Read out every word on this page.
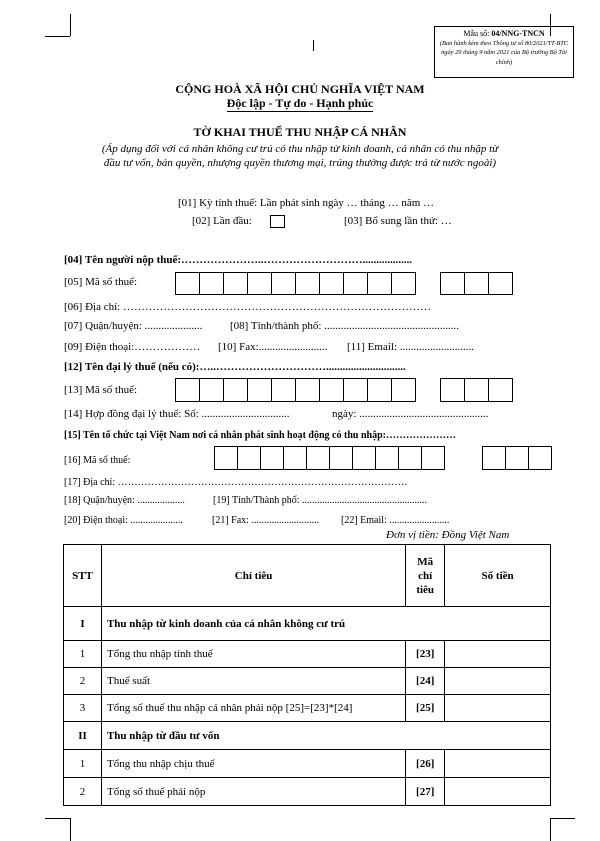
Mẫu số: 04/NNG-TNCN
(Ban hành kèm theo Thông tư số 80/2021/TT-BTC ngày 29 tháng 9 năm 2021 của Bộ trưởng Bộ Tài chính)
CỘNG HOÀ XÃ HỘI CHỦ NGHĨA VIỆT NAM
Độc lập - Tự do - Hạnh phúc
TỜ KHAI THUẾ THU NHẬP CÁ NHÂN
(Áp dụng đối với cá nhân không cư trú có thu nhập từ kinh doanh, cá nhân có thu nhập từ
đầu tư vốn, bản quyền, nhượng quyền thương mại, trúng thưởng được trả từ nước ngoài)
[01] Kỳ tính thuế: Lần phát sinh ngày … tháng … năm …
[02] Lần đầu:	[03] Bổ sung lần thứ: …
[04] Tên người nộp thuế:…………………..………………………..................
[05] Mã số thuế:
[06] Địa chỉ: …………………………………………………………………………
[07] Quận/huyện: .....................	[08] Tỉnh/thành phố: .................................................
[09] Điện thoại:……………… [10] Fax:......................... [11] Email: ...........................
[12] Tên đại lý thuế (nếu có):…..………………………….............................
[13] Mã số thuế:
[14] Hợp đồng đại lý thuế: Số: ................................	ngày: ...............................................
[15] Tên tổ chức tại Việt Nam nơi cá nhân phát sinh hoạt động có thu nhập:…………………
[16] Mã số thuế:
[17] Địa chỉ: ……………………………………………………………………………
[18] Quận/huyện: ...................	[19] Tỉnh/Thành phố: ..................................................
[20] Điện thoại: .....................	[21] Fax: ........................... [22] Email: ........................
Đơn vị tiền: Đồng Việt Nam
STT	Chỉ tiêu	Mã
chỉ
tiêu	Số tiền
I	Thu nhập từ kinh doanh của cá nhân không cư trú		
1	Tổng thu nhập tính thuế	[23]	
2	Thuế suất	[24]	
3	Tổng số thuế thu nhập cá nhân phải nộp [25]=[23]*[24]	[25]	
II	Thu nhập từ đầu tư vốn		
1	Tổng thu nhập chịu thuế	[26]	
2	Tổng số thuế phải nộp	[27]	
